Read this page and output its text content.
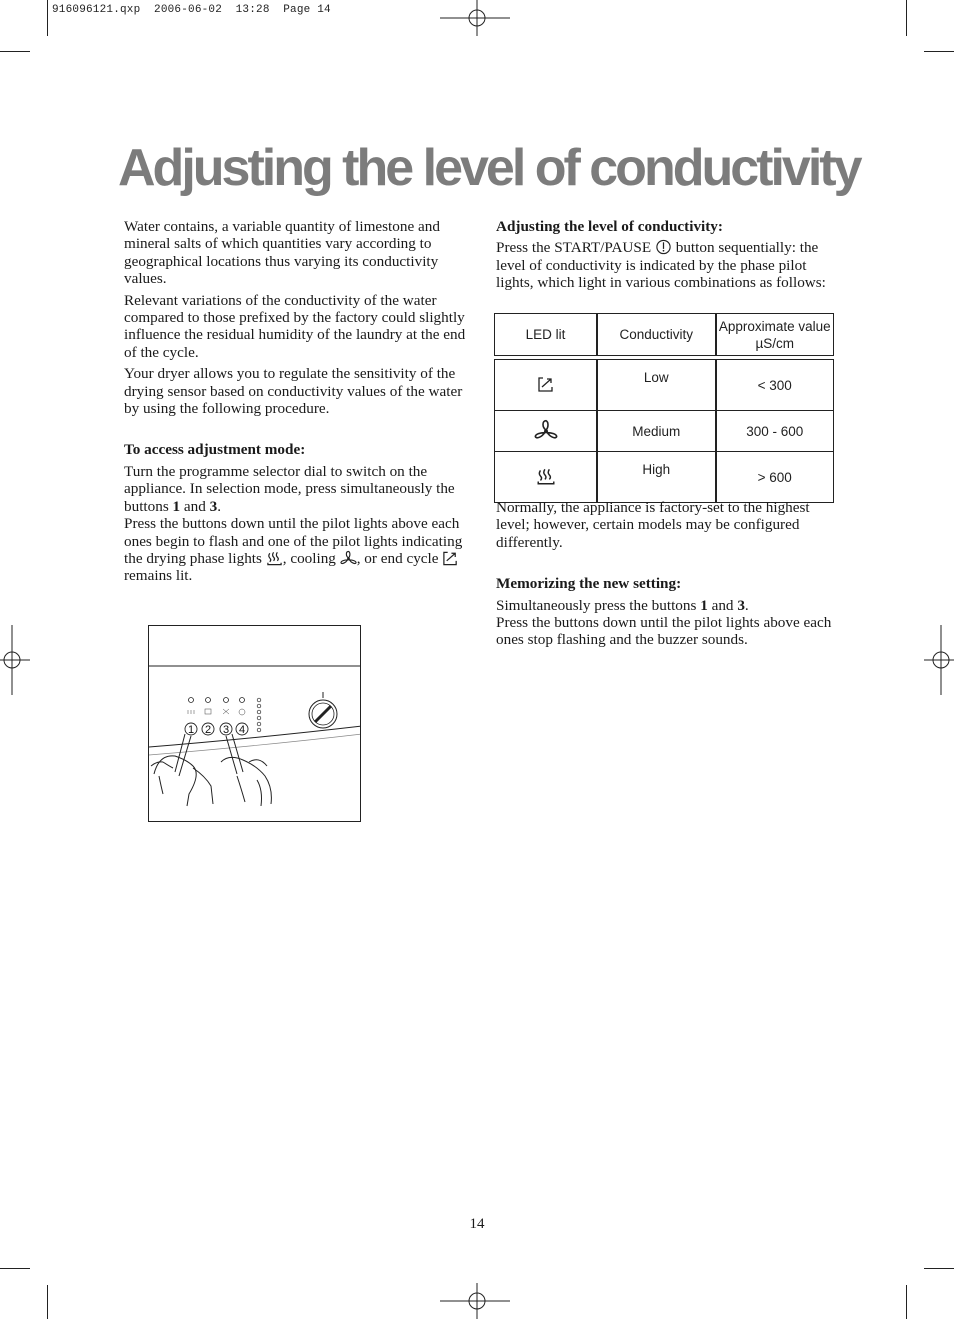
916096121.qxp  2006-06-02  13:28  Page 14
Adjusting the level of conductivity

Water contains, a variable quantity of limestone and mineral salts of which quantities vary according to geographical locations thus varying its conductivity values.

Relevant variations of the conductivity of the water compared to those prefixed by the factory could slightly influence the residual humidity of the laundry at the end of the cycle.

Your dryer allows you to regulate the sensitivity of the drying sensor based on conductivity values of the water by using the following procedure.

To access adjustment mode:
Turn the programme selector dial to switch on the appliance. In selection mode, press simultaneously the buttons 1 and 3.
Press the buttons down until the pilot lights above each ones begin to flash and one of the pilot lights indicating the drying phase lights , cooling , or end cycle  remains lit.
1 2 3 4
Adjusting the level of conductivity:
Press the START/PAUSE  button sequentially: the level of conductivity is indicated by the phase pilot lights, which light in various combinations as follows:
LED lit	Conductivity	Approximate value
µS/cm

	Low	< 300
	Medium	300 - 600
	High	> 600

Normally, the appliance is factory-set to the highest level; however, certain models may be configured differently.

Memorizing the new setting:
Simultaneously press the buttons 1 and 3.
Press the buttons down until the pilot lights above each ones stop flashing and the buzzer sounds.
14
